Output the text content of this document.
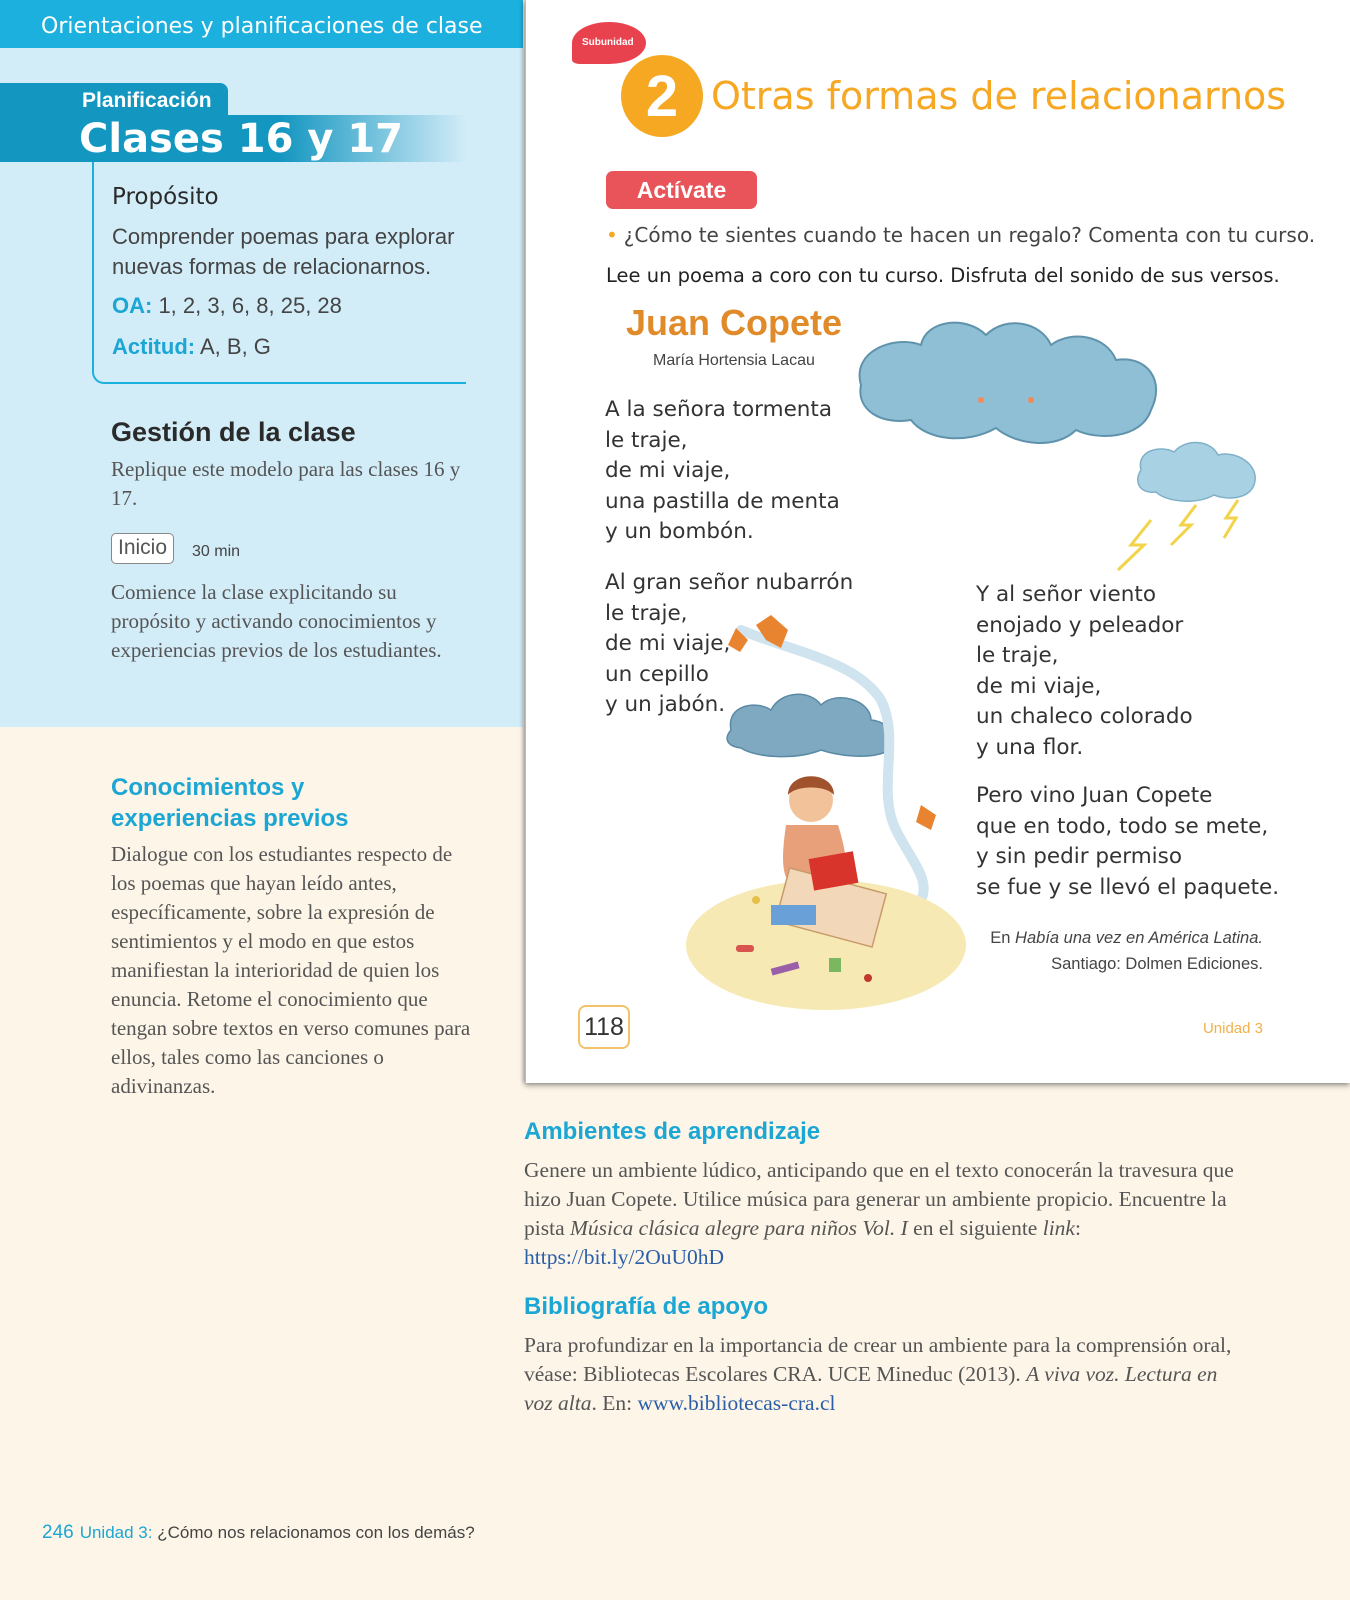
Orientaciones y planificaciones de clase
Planificación
Clases 16 y 17
Propósito
Comprender poemas para explorar nuevas formas de relacionarnos.
OA: 1, 2, 3, 6, 8, 25, 28
Actitud: A, B, G
Gestión de la clase
Replique este modelo para las clases 16 y 17.
Inicio	30 min
Comience la clase explicitando su propósito y activando conocimientos y experiencias previos de los estudiantes.
Conocimientos y experiencias previos
Dialogue con los estudiantes respecto de los poemas que hayan leído antes, específicamente, sobre la expresión de sentimientos y el modo en que estos manifiestan la interioridad de quien los enuncia. Retome el conocimiento que tengan sobre textos en verso comunes para ellos, tales como las canciones o adivinanzas.
246 Unidad 3: ¿Cómo nos relacionamos con los demás?
Subunidad
2 Otras formas de relacionarnos
Actívate
• ¿Cómo te sientes cuando te hacen un regalo? Comenta con tu curso.
Lee un poema a coro con tu curso. Disfruta del sonido de sus versos.
Juan Copete
María Hortensia Lacau
A la señora tormenta
le traje,
de mi viaje,
una pastilla de menta
y un bombón.
Al gran señor nubarrón
le traje,
de mi viaje,
un cepillo
y un jabón.
Y al señor viento
enojado y peleador
le traje,
de mi viaje,
un chaleco colorado
y una flor.
Pero vino Juan Copete
que en todo, todo se mete,
y sin pedir permiso
se fue y se llevó el paquete.
En Había una vez en América Latina.
Santiago: Dolmen Ediciones.
118	Unidad 3
Ambientes de aprendizaje
Genere un ambiente lúdico, anticipando que en el texto conocerán la travesura que hizo Juan Copete. Utilice música para generar un ambiente propicio. Encuentre la pista Música clásica alegre para niños Vol. I en el siguiente link: https://bit.ly/2OuU0hD
Bibliografía de apoyo
Para profundizar en la importancia de crear un ambiente para la comprensión oral, véase: Bibliotecas Escolares CRA. UCE Mineduc (2013). A viva voz. Lectura en voz alta. En: www.bibliotecas-cra.cl
